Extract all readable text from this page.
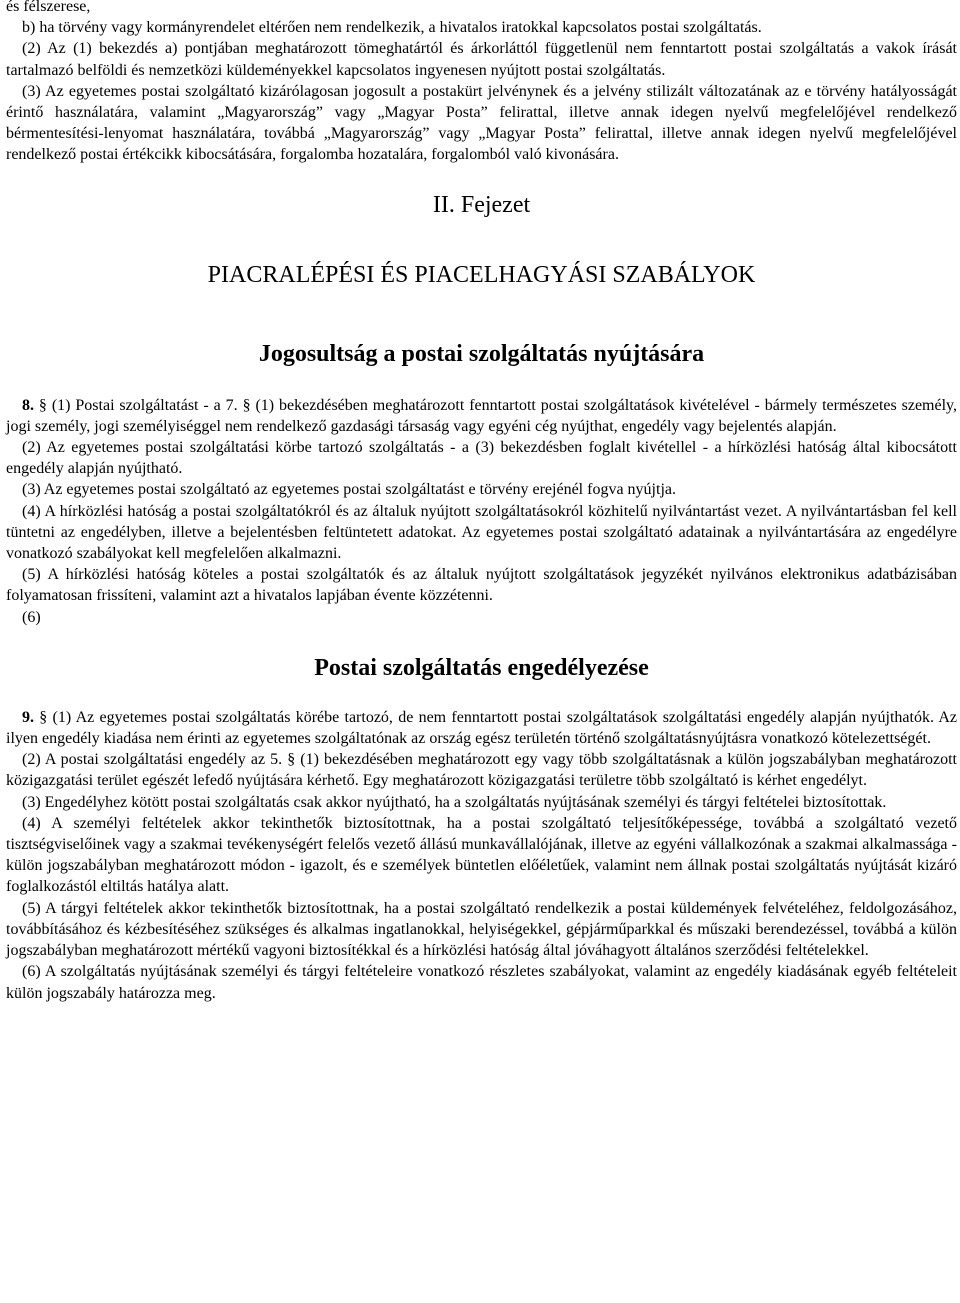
és félszerese,

b) ha törvény vagy kormányrendelet eltérően nem rendelkezik, a hivatalos iratokkal kapcsolatos postai szolgáltatás.

(2) Az (1) bekezdés a) pontjában meghatározott tömeghatártól és árkorláttól függetlenül nem fenntartott postai szolgáltatás a vakok írását tartalmazó belföldi és nemzetközi küldeményekkel kapcsolatos ingyenesen nyújtott postai szolgáltatás.

(3) Az egyetemes postai szolgáltató kizárólagosan jogosult a postakürt jelvénynek és a jelvény stilizált változatának az e törvény hatályosságát érintő használatára, valamint „Magyarország” vagy „Magyar Posta” felirattal, illetve annak idegen nyelvű megfelelőjével rendelkező bérmentesítési-lenyomat használatára, továbbá „Magyarország” vagy „Magyar Posta” felirattal, illetve annak idegen nyelvű megfelelőjével rendelkező postai értékcikk kibocsátására, forgalomba hozatalára, forgalomból való kivonására.

II. Fejezet

PIACRALÉPÉSI ÉS PIACELHAGYÁSI SZABÁLYOK

Jogosultság a postai szolgáltatás nyújtására

8. § (1) Postai szolgáltatást - a 7. § (1) bekezdésében meghatározott fenntartott postai szolgáltatások kivételével - bármely természetes személy, jogi személy, jogi személyiséggel nem rendelkező gazdasági társaság vagy egyéni cég nyújthat, engedély vagy bejelentés alapján.

(2) Az egyetemes postai szolgáltatási körbe tartozó szolgáltatás - a (3) bekezdésben foglalt kivétellel - a hírközlési hatóság által kibocsátott engedély alapján nyújtható.

(3) Az egyetemes postai szolgáltató az egyetemes postai szolgáltatást e törvény erejénél fogva nyújtja.

(4) A hírközlési hatóság a postai szolgáltatókról és az általuk nyújtott szolgáltatásokról közhitelű nyilvántartást vezet. A nyilvántartásban fel kell tüntetni az engedélyben, illetve a bejelentésben feltüntetett adatokat. Az egyetemes postai szolgáltató adatainak a nyilvántartására az engedélyre vonatkozó szabályokat kell megfelelően alkalmazni.

(5) A hírközlési hatóság köteles a postai szolgáltatók és az általuk nyújtott szolgáltatások jegyzékét nyilvános elektronikus adatbázisában folyamatosan frissíteni, valamint azt a hivatalos lapjában évente közzétenni.

(6)

Postai szolgáltatás engedélyezése

9. § (1) Az egyetemes postai szolgáltatás körébe tartozó, de nem fenntartott postai szolgáltatások szolgáltatási engedély alapján nyújthatók. Az ilyen engedély kiadása nem érinti az egyetemes szolgáltatónak az ország egész területén történő szolgáltatásnyújtásra vonatkozó kötelezettségét.

(2) A postai szolgáltatási engedély az 5. § (1) bekezdésében meghatározott egy vagy több szolgáltatásnak a külön jogszabályban meghatározott közigazgatási terület egészét lefedő nyújtására kérhető. Egy meghatározott közigazgatási területre több szolgáltató is kérhet engedélyt.

(3) Engedélyhez kötött postai szolgáltatás csak akkor nyújtható, ha a szolgáltatás nyújtásának személyi és tárgyi feltételei biztosítottak.

(4) A személyi feltételek akkor tekinthetők biztosítottnak, ha a postai szolgáltató teljesítőképessége, továbbá a szolgáltató vezető tisztségviselőinek vagy a szakmai tevékenységért felelős vezető állású munkavállalójának, illetve az egyéni vállalkozónak a szakmai alkalmassága - külön jogszabályban meghatározott módon - igazolt, és e személyek büntetlen előéletűek, valamint nem állnak postai szolgáltatás nyújtását kizáró foglalkozástól eltiltás hatálya alatt.

(5) A tárgyi feltételek akkor tekinthetők biztosítottnak, ha a postai szolgáltató rendelkezik a postai küldemények felvételéhez, feldolgozásához, továbbításához és kézbesítéséhez szükséges és alkalmas ingatlanokkal, helyiségekkel, gépjárműparkkal és műszaki berendezéssel, továbbá a külön jogszabályban meghatározott mértékű vagyoni biztosítékkal és a hírközlési hatóság által jóváhagyott általános szerződési feltételekkel.

(6) A szolgáltatás nyújtásának személyi és tárgyi feltételeire vonatkozó részletes szabályokat, valamint az engedély kiadásának egyéb feltételeit külön jogszabály határozza meg.
